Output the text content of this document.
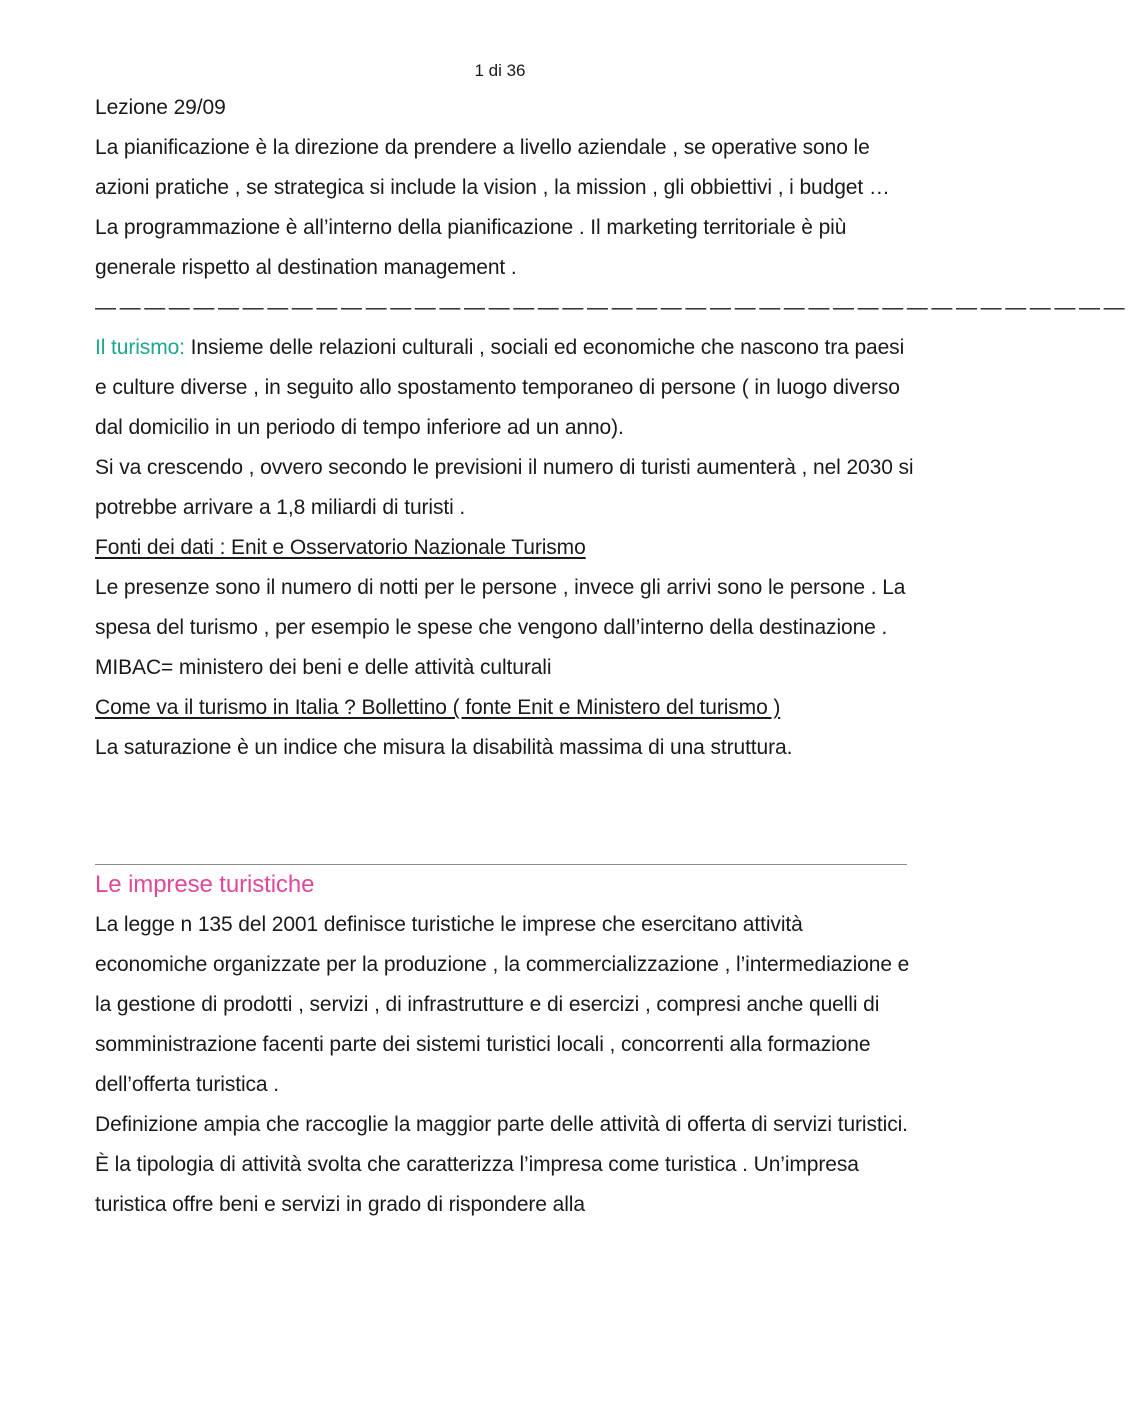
1 di 36

Lezione 29/09

La pianificazione è la direzione da prendere a livello aziendale , se operative sono le azioni pratiche , se strategica si include la vision , la mission , gli obbiettivi , i budget … La programmazione è all’interno della pianificazione . Il marketing territoriale è più generale rispetto al destination management .

——————————————————————————————————————————

Il turismo: Insieme delle relazioni culturali , sociali ed economiche che nascono tra paesi e culture diverse , in seguito allo spostamento temporaneo di persone ( in luogo diverso dal domicilio in un periodo di tempo inferiore ad un anno).

Si va crescendo , ovvero secondo le previsioni il numero di turisti aumenterà , nel 2030 si potrebbe arrivare a 1,8 miliardi di turisti .

Fonti dei dati : Enit e Osservatorio Nazionale Turismo

Le presenze sono il numero di notti per le persone , invece gli arrivi sono le persone . La spesa del turismo , per esempio le spese che vengono dall’interno della destinazione .

MIBAC= ministero dei beni e delle attività culturali

Come va il turismo in Italia ? Bollettino ( fonte Enit e Ministero del turismo )

La saturazione è un indice che misura la disabilità massima di una struttura.

Le imprese turistiche

La legge n 135 del 2001 definisce turistiche le imprese che esercitano attività economiche organizzate per la produzione , la commercializzazione , l’intermediazione e la gestione di prodotti , servizi , di infrastrutture e di esercizi , compresi anche quelli di somministrazione facenti parte dei sistemi turistici locali , concorrenti alla formazione dell’offerta turistica .

Definizione ampia che raccoglie la maggior parte delle attività di offerta di servizi turistici. È la tipologia di attività svolta che caratterizza l’impresa come turistica . Un’impresa turistica offre beni e servizi in grado di rispondere alla
